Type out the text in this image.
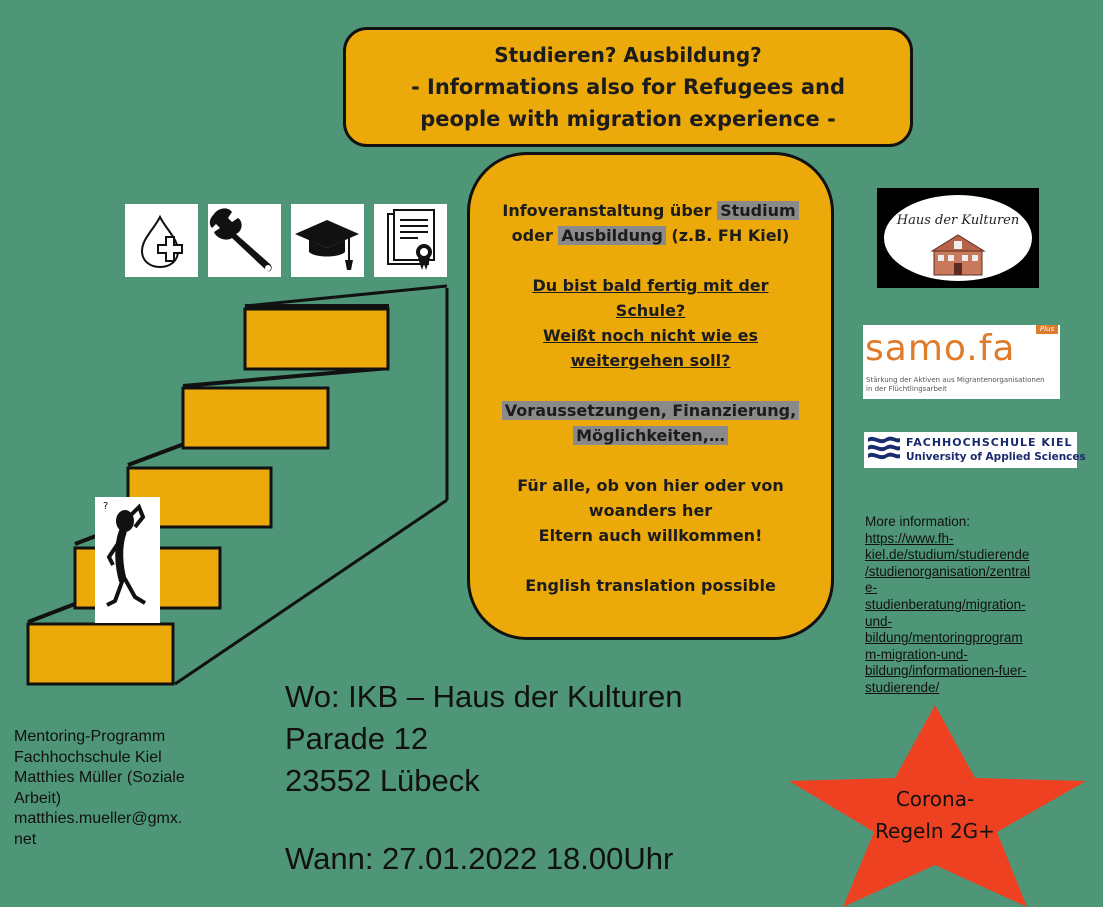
Studieren? Ausbildung?
- Informations also for Refugees and
people with migration experience -
?
Infoveranstaltung über Studium
oder Ausbildung (z.B. FH Kiel)
Du bist bald fertig mit der
Schule?
Weißt noch nicht wie es
weitergehen soll?
Voraussetzungen, Finanzierung,
Möglichkeiten,…
Für alle, ob von hier oder von
woanders her
Eltern auch willkommen!
English translation possible
Haus der Kulturen
samo.fa	Plus
Stärkung der Aktiven aus Migrantenorganisationen
in der Flüchtlingsarbeit
FACHHOCHSCHULE KIEL
University of Applied Sciences
More information:
https://www.fh-
kiel.de/studium/studierende
/studienorganisation/zentral
e-
studienberatung/migration-
und-
bildung/mentoringprogram
m-migration-und-
bildung/informationen-fuer-
studierende/
Mentoring-Programm
Fachhochschule Kiel
Matthies Müller (Soziale
Arbeit)
matthies.mueller@gmx.
net
Wo: IKB – Haus der Kulturen
Parade 12
23552 Lübeck
Wann: 27.01.2022 18.00Uhr
Corona-
Regeln 2G+
